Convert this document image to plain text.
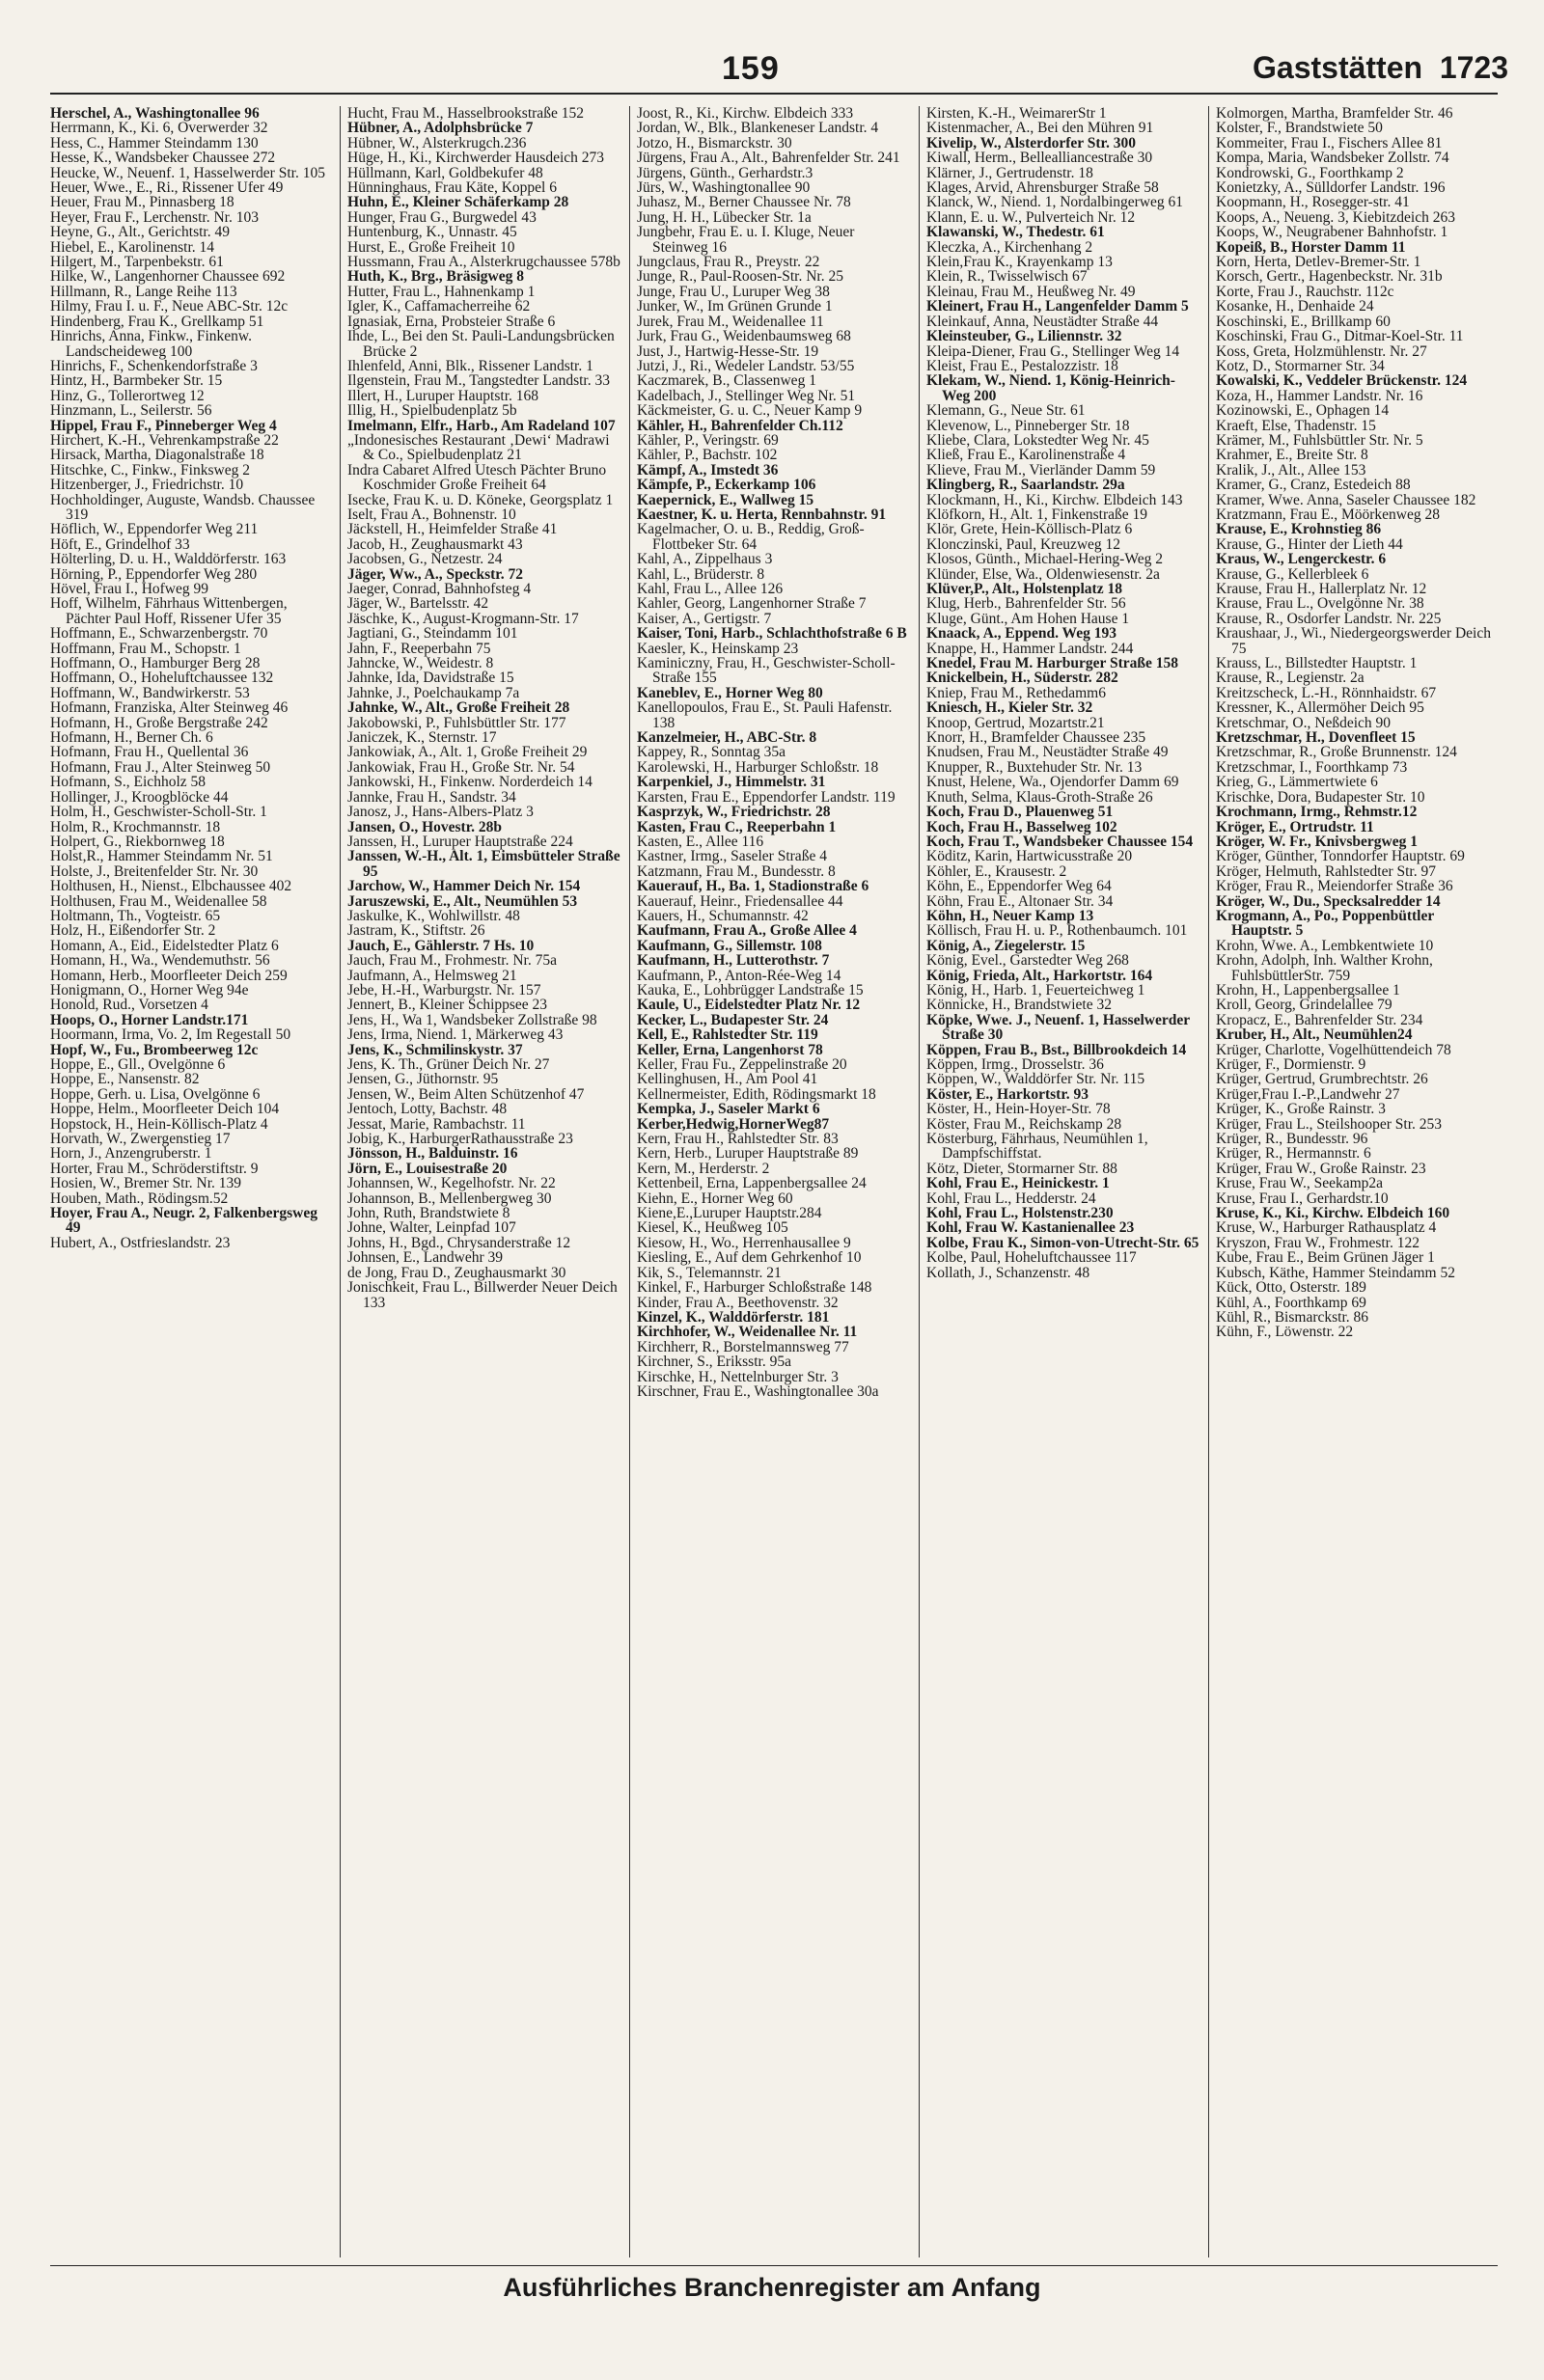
159	Gaststätten 1723
Herschel, A., Washingtonallee 96
Herrmann, K., Ki. 6, Overwerder 32
Hess, C., Hammer Steindamm 130
Hesse, K., Wandsbeker Chaussee 272
Heucke, W., Neuenf. 1, Hasselwerder Str. 105
Heuer, Wwe., E., Ri., Rissener Ufer 49
Heuer, Frau M., Pinnasberg 18
Heyer, Frau F., Lerchenstr. Nr. 103
Heyne, G., Alt., Gerichtstr. 49
Hiebel, E., Karolinenstr. 14
Hilgert, M., Tarpenbekstr. 61
Hilke, W., Langenhorner Chaussee 692
Hillmann, R., Lange Reihe 113
Hilmy, Frau I. u. F., Neue ABC-Str. 12c
Hindenberg, Frau K., Grellkamp 51
Hinrichs, Anna, Finkw., Finkenw. Landscheideweg 100
Hinrichs, F., Schenkendorfstraße 3
Hintz, H., Barmbeker Str. 15
Hinz, G., Tollerortweg 12
Hinzmann, L., Seilerstr. 56
Hippel, Frau F., Pinneberger Weg 4
Hirchert, K.-H., Vehrenkampstraße 22
Hirsack, Martha, Diagonalstraße 18
Hitschke, C., Finkw., Finkswеg 2
Hitzenberger, J., Friedrichstr. 10
Hochholdinger, Auguste, Wandsb. Chaussee 319
Höflich, W., Eppendorfer Weg 211
Höft, E., Grindelhof 33
Hölterling, D. u. H., Walddörferstr. 163
Hörning, P., Eppendorfer Weg 280
Hövel, Frau I., Hofweg 99
Hoff, Wilhelm, Fährhaus Wittenbergen, Pächter Paul Hoff, Rissener Ufer 35
Hoffmann, E., Schwarzenbergstr. 70
Hoffmann, Frau M., Schopstr. 1
Hoffmann, O., Hamburger Berg 28
Hoffmann, O., Hoheluftchaussee 132
Hoffmann, W., Bandwirkerstr. 53
Hofmann, Franziska, Alter Steinweg 46
Hofmann, H., Große Bergstraße 242
Hofmann, H., Berner Ch. 6
Hofmann, Frau H., Quellental 36
Hofmann, Frau J., Alter Steinweg 50
Hofmann, S., Eichholz 58
Hollinger, J., Kroogblöcke 44
Holm, H., Geschwister-Scholl-Str. 1
Holm, R., Krochmannstr. 18
Holpert, G., Riekbornweg 18
Holst,R., Hammer Steindamm Nr. 51
Holste, J., Breitenfelder Str. Nr. 30
Holthusen, H., Nienst., Elbchaussee 402
Holthusen, Frau M., Weidenallee 58
Holtmann, Th., Vogteistr. 65
Holz, H., Eißendorfer Str. 2
Homann, A., Eid., Eidelstedter Platz 6
Homann, H., Wa., Wendemuthstr. 56
Homann, Herb., Moorfleeter Deich 259
Honigmann, O., Horner Weg 94e
Honold, Rud., Vorsetzen 4
Hoops, O., Horner Landstr.171
Hoormann, Irma, Vo. 2, Im Regestall 50
Hopf, W., Fu., Brombeerweg 12c
Hoppe, E., Gll., Ovelgönne 6
Hoppe, E., Nansenstr. 82
Hoppe, Gerh. u. Lisa, Ovelgönne 6
Hoppe, Helm., Moorfleeter Deich 104
Hopstock, H., Hein-Köllisch-Platz 4
Horvath, W., Zwergenstieg 17
Horn, J., Anzengruberstr. 1
Horter, Frau M., Schröderstiftstr. 9
Hosien, W., Bremer Str. Nr. 139
Houben, Math., Rödingsm.52
Hoyer, Frau A., Neugr. 2, Falkenbergsweg 49
Hubert, A., Ostfrieslandstr. 23
Hucht, Frau M., Hasselbrookstraße 152
Hübner, A., Adolphsbrücke 7
Hübner, W., Alsterkrugch.236
Hüge, H., Ki., Kirchwerder Hausdeich 273
Hüllmann, Karl, Goldbekufer 48
Hünninghaus, Frau Käte, Koppel 6
Huhn, E., Kleiner Schäferkamp 28
Hunger, Frau G., Burgwedel 43
Huntenburg, K., Unnastr. 45
Hurst, E., Große Freiheit 10
Hussmann, Frau A., Alsterkrugchaussee 578b
Huth, K., Brg., Bräsigweg 8
Hutter, Frau L., Hahnenkamp 1
Igler, K., Caffamacherreihe 62
Ignasiak, Erna, Probsteier Straße 6
Ihde, L., Bei den St. Pauli-Landungsbrücken Brücke 2
Ihlenfeld, Anni, Blk., Rissener Landstr. 1
Ilgenstein, Frau M., Tangstedter Landstr. 33
Illert, H., Luruper Hauptstr. 168
Illig, H., Spielbudenplatz 5b
Imelmann, Elfr., Harb., Am Radeland 107
„Indonesisches Restaurant ‚Dewi‘ Madrawi & Co., Spielbudenplatz 21
Indra Cabaret Alfred Utesch Pächter Bruno Koschmider Große Freiheit 64
Isecke, Frau K. u. D. Köneke, Georgsplatz 1
Iselt, Frau A., Bohnenstr. 10
Jäckstell, H., Heimfelder Straße 41
Jacob, H., Zeughausmarkt 43
Jacobsen, G., Netzestr. 24
Jäger, Ww., A., Speckstr. 72
Jaeger, Conrad, Bahnhofsteg 4
Jäger, W., Bartelsstr. 42
Jäschke, K., August-Krogmann-Str. 17
Jagtiani, G., Steindamm 101
Jahn, F., Reeperbahn 75
Jahncke, W., Weidestr. 8
Jahnke, Ida, Davidstraße 15
Jahnke, J., Poelchaukamp 7a
Jahnke, W., Alt., Große Freiheit 28
Jakobowski, P., Fuhlsbüttler Str. 177
Janiczek, K., Sternstr. 17
Jankowiak, A., Alt. 1, Große Freiheit 29
Jankowiak, Frau H., Große Str. Nr. 54
Jankowski, H., Finkenw. Norderdeich 14
Jannke, Frau H., Sandstr. 34
Janosz, J., Hans-Albers-Platz 3
Jansen, O., Hovestr. 28b
Janssen, H., Luruper Hauptstraße 224
Janssen, W.-H., Alt. 1, Eimsbütteler Straße 95
Jarchow, W., Hammer Deich Nr. 154
Jaruszewski, E., Alt., Neumühlen 53
Jaskulke, K., Wohlwillstr. 48
Jastram, K., Stiftstr. 26
Jauch, E., Gählerstr. 7 Hs. 10
Jauch, Frau M., Frohmestr. Nr. 75a
Jaufmann, A., Helmsweg 21
Jebe, H.-H., Warburgstr. Nr. 157
Jennert, B., Kleiner Schippsee 23
Jens, H., Wa 1, Wandsbeker Zollstraße 98
Jens, Irma, Niend. 1, Märkerweg 43
Jens, K., Schmilinskystr. 37
Jens, K. Th., Grüner Deich Nr. 27
Jensen, G., Jüthornstr. 95
Jensen, W., Beim Alten Schützenhof 47
Jentoch, Lotty, Bachstr. 48
Jessat, Marie, Rambachstr. 11
Jobig, K., HarburgerRathausstraße 23
Jönsson, H., Balduinstr. 16
Jörn, E., Louisestraße 20
Johannsen, W., Kegelhofstr. Nr. 22
Johannson, B., Mellenbergweg 30
John, Ruth, Brandstwiete 8
Johne, Walter, Leinpfad 107
Johns, H., Bgd., Chrysanderstraße 12
Johnsen, E., Landwehr 39
de Jong, Frau D., Zeughausmarkt 30
Jonischkeit, Frau L., Billwerder Neuer Deich 133
Joost, R., Ki., Kirchw. Elbdeich 333
Jordan, W., Blk., Blankeneser Landstr. 4
Jotzo, H., Bismarckstr. 30
Jürgens, Frau A., Alt., Bahrenfelder Str. 241
Jürgens, Günth., Gerhardstr.3
Jürs, W., Washingtonallee 90
Juhasz, M., Berner Chaussee Nr. 78
Jung, H. H., Lübecker Str. 1a
Jungbehr, Frau E. u. I. Kluge, Neuer Steinweg 16
Jungclaus, Frau R., Preystr. 22
Junge, R., Paul-Roosen-Str. Nr. 25
Junge, Frau U., Luruper Weg 38
Junker, W., Im Grünen Grunde 1
Jurek, Frau M., Weidenallee 11
Jurk, Frau G., Weidenbaumsweg 68
Just, J., Hartwig-Hesse-Str. 19
Jutzi, J., Ri., Wedeler Landstr. 53/55
Kaczmarek, B., Classenweg 1
Kadelbach, J., Stellinger Weg Nr. 51
Käckmeister, G. u. C., Neuer Kamp 9
Kähler, H., Bahrenfelder Ch.112
Kähler, P., Veringstr. 69
Kähler, P., Bachstr. 102
Kämpf, A., Imstedt 36
Kämpfe, P., Eckerkamp 106
Kaepernick, E., Wallweg 15
Kaestner, K. u. Herta, Rennbahnstr. 91
Kagelmacher, O. u. B., Reddig, Groß-Flottbeker Str. 64
Kahl, A., Zippelhaus 3
Kahl, L., Brüderstr. 8
Kahl, Frau L., Allee 126
Kahler, Georg, Langenhorner Straße 7
Kaiser, A., Gertigstr. 7
Kaiser, Toni, Harb., Schlachthofstraße 6 B
Kaesler, K., Heinskamp 23
Kaminiczny, Frau, H., Geschwister-Scholl-Straße 155
Kaneblev, E., Horner Weg 80
Kanellopoulos, Frau E., St. Pauli Hafenstr. 138
Kanzelmeier, H., ABC-Str. 8
Kappey, R., Sonntag 35a
Karolewski, H., Harburger Schloßstr. 18
Karpenkiel, J., Himmelstr. 31
Karsten, Frau E., Eppendorfer Landstr. 119
Kasprzyk, W., Friedrichstr. 28
Kasten, Frau C., Reeperbahn 1
Kasten, E., Allee 116
Kastner, Irmg., Saseler Straße 4
Katzmann, Frau M., Bundesstr. 8
Kauerauf, H., Ba. 1, Stadionstraße 6
Kauerauf, Heinr., Friedensallee 44
Kauers, H., Schumannstr. 42
Kaufmann, Frau A., Große Allee 4
Kaufmann, G., Sillemstr. 108
Kaufmann, H., Lutterothstr. 7
Kaufmann, P., Anton-Rée-Weg 14
Kauka, E., Lohbrügger Landstraße 15
Kaule, U., Eidelstedter Platz Nr. 12
Kecker, L., Budapester Str. 24
Kell, E., Rahlstedter Str. 119
Keller, Erna, Langenhorst 78
Keller, Frau Fu., Zeppelinstraße 20
Kellinghusen, H., Am Pool 41
Kellnermeister, Edith, Rödingsmarkt 18
Kempka, J., Saseler Markt 6
Kerber,Hedwig,HornerWeg87
Kern, Frau H., Rahlstedter Str. 83
Kern, Herb., Luruper Hauptstraße 89
Kern, M., Herderstr. 2
Kettenbeil, Erna, Lappenbergsallee 24
Kiehn, E., Horner Weg 60
Kiene,E.,Luruper Hauptstr.284
Kiesel, K., Heußweg 105
Kiesow, H., Wo., Herrenhausallee 9
Kiesling, E., Auf dem Gehrkenhof 10
Kik, S., Telemannstr. 21
Kinkel, F., Harburger Schloßstraße 148
Kinder, Frau A., Beethovenstr. 32
Kinzel, K., Walddörferstr. 181
Kirchhofer, W., Weidenallee Nr. 11
Kirchherr, R., Borstelmannsweg 77
Kirchner, S., Eriksstr. 95a
Kirschke, H., Nettelnburger Str. 3
Kirschner, Frau E., Washingtonallee 30a
Kirsten, K.-H., WeimarerStr 1
Kistenmacher, A., Bei den Mühren 91
Kivelip, W., Alsterdorfer Str. 300
Kiwall, Herm., Bellealliancestraße 30
Klärner, J., Gertrudenstr. 18
Klages, Arvid, Ahrensburger Straße 58
Klanck, W., Niend. 1, Nordalbingerweg 61
Klann, E. u. W., Pulverteich Nr. 12
Klawanski, W., Thedestr. 61
Kleczka, A., Kirchenhang 2
Klein,Frau K., Krayenkamp 13
Klein, R., Twisselwisch 67
Kleinau, Frau M., Heußweg Nr. 49
Kleinert, Frau H., Langenfelder Damm 5
Kleinkauf, Anna, Neustädter Straße 44
Kleinsteuber, G., Liliennstr. 32
Kleipa-Diener, Frau G., Stellinger Weg 14
Kleist, Frau E., Pestalozzistr. 18
Klekam, W., Niend. 1, König-Heinrich-Weg 200
Klemann, G., Neue Str. 61
Klevenow, L., Pinneberger Str. 18
Kliebe, Clara, Lokstedter Weg Nr. 45
Kließ, Frau E., Karolinenstraße 4
Klieve, Frau M., Vierländer Damm 59
Klingberg, R., Saarlandstr. 29a
Klockmann, H., Ki., Kirchw. Elbdeich 143
Klöfkorn, H., Alt. 1, Finkenstraße 19
Klör, Grete, Hein-Köllisch-Platz 6
Klonczinski, Paul, Kreuzweg 12
Klosos, Günth., Michael-Hering-Weg 2
Klünder, Else, Wa., Oldenwiesenstr. 2a
Klüver,P., Alt., Holstenplatz 18
Klug, Herb., Bahrenfelder Str. 56
Kluge, Günt., Am Hohen Hause 1
Knaack, A., Eppend. Weg 193
Knappe, H., Hammer Landstr. 244
Knedel, Frau M. Harburger Straße 158
Knickelbein, H., Süderstr. 282
Kniep, Frau M., Rethedamm6
Kniesch, H., Kieler Str. 32
Knoop, Gertrud, Mozartstr.21
Knorr, H., Bramfelder Chaussee 235
Knudsen, Frau M., Neustädter Straße 49
Knupper, R., Buxtehuder Str. Nr. 13
Knust, Helene, Wa., Ojendorfer Damm 69
Knuth, Selma, Klaus-Groth-Straße 26
Koch, Frau D., Plauenweg 51
Koch, Frau H., Basselweg 102
Koch, Frau T., Wandsbeker Chaussee 154
Köditz, Karin, Hartwicusstraße 20
Köhler, E., Krausestr. 2
Köhn, E., Eppendorfer Weg 64
Köhn, Frau E., Altonaer Str. 34
Köhn, H., Neuer Kamp 13
Köllisch, Frau H. u. P., Rothenbaumch. 101
König, A., Ziegelerstr. 15
König, Evel., Garstedter Weg 268
König, Frieda, Alt., Harkortstr. 164
König, H., Harb. 1, Feuerteichweg 1
Könnicke, H., Brandstwiete 32
Köpke, Wwe. J., Neuenf. 1, Hasselwerder Straße 30
Köppen, Frau B., Bst., Billbrookdeich 14
Köppen, Irmg., Drosselstr. 36
Köppen, W., Walddörfer Str. Nr. 115
Köster, E., Harkortstr. 93
Köster, H., Hein-Hoyer-Str. 78
Köster, Frau M., Reichskamp 28
Kösterburg, Fährhaus, Neumühlen 1, Dampfschiffstat.
Kötz, Dieter, Stormarner Str. 88
Kohl, Frau E., Heinickestr. 1
Kohl, Frau L., Hedderstr. 24
Kohl, Frau L., Holstenstr.230
Kohl, Frau W. Kastanienallee 23
Kolbe, Frau K., Simon-von-Utrecht-Str. 65
Kolbe, Paul, Hoheluftchaussee 117
Kollath, J., Schanzenstr. 48
Kolmorgen, Martha, Bramfelder Str. 46
Kolster, F., Brandstwiete 50
Kommeiter, Frau I., Fischers Allee 81
Kompa, Maria, Wandsbeker Zollstr. 74
Kondrowski, G., Foorthkamp 2
Konietzky, A., Sülldorfer Landstr. 196
Koopmann, H., Rosegger-str. 41
Koops, A., Neueng. 3, Kiebitzdeich 263
Koops, W., Neugrabener Bahnhofstr. 1
Kopeiß, B., Horster Damm 11
Korn, Herta, Detlev-Bremer-Str. 1
Korsch, Gertr., Hagenbeckstr. Nr. 31b
Korte, Frau J., Rauchstr. 112c
Kosanke, H., Denhaide 24
Koschinski, E., Brillkamp 60
Koschinski, Frau G., Ditmar-Koel-Str. 11
Koss, Greta, Holzmühlenstr. Nr. 27
Kotz, D., Stormarner Str. 34
Kowalski, K., Veddeler Brückenstr. 124
Koza, H., Hammer Landstr. Nr. 16
Kozinowski, E., Ophagen 14
Kraeft, Else, Thadenstr. 15
Krämer, M., Fuhlsbüttler Str. Nr. 5
Krahmer, E., Breite Str. 8
Kralik, J., Alt., Allee 153
Kramer, G., Cranz, Estedeich 88
Kramer, Wwe. Anna, Saseler Chaussee 182
Kratzmann, Frau E., Möörkenweg 28
Krause, E., Krohnstieg 86
Krause, G., Hinter der Lieth 44
Kraus, W., Lengerckestr. 6
Krause, G., Kellerbleek 6
Krause, Frau H., Hallerplatz Nr. 12
Krause, Frau L., Ovelgönne Nr. 38
Krause, R., Osdorfer Landstr. Nr. 225
Kraushaar, J., Wi., Niedergeorgswerder Deich 75
Krauss, L., Billstedter Hauptstr. 1
Krause, R., Legienstr. 2a
Kreitzscheck, L.-H., Rönnhaidstr. 67
Kressner, K., Allermöher Deich 95
Kretschmar, O., Neßdeich 90
Kretzschmar, H., Dovenfleet 15
Kretzschmar, R., Große Brunnenstr. 124
Kretzschmar, I., Foorthkamp 73
Krieg, G., Lämmertwiete 6
Krischke, Dora, Budapester Str. 10
Krochmann, Irmg., Rehmstr.12
Kröger, E., Ortrudstr. 11
Kröger, W. Fr., Knivsbergweg 1
Kröger, Günther, Tonndorfer Hauptstr. 69
Kröger, Helmuth, Rahlstedter Str. 97
Kröger, Frau R., Meiendorfer Straße 36
Kröger, W., Du., Specksalredder 14
Krogmann, A., Po., Poppenbüttler Hauptstr. 5
Krohn, Wwe. A., Lembkentwiete 10
Krohn, Adolph, Inh. Walther Krohn, FuhlsbüttlerStr. 759
Krohn, H., Lappenbergsallee 1
Kroll, Georg, Grindelallee 79
Kropacz, E., Bahrenfelder Str. 234
Kruber, H., Alt., Neumühlen24
Krüger, Charlotte, Vogelhüttendeich 78
Krüger, F., Dormienstr. 9
Krüger, Gertrud, Grumbrechtstr. 26
Krüger,Frau I.-P.,Landwehr 27
Krüger, K., Große Rainstr. 3
Krüger, Frau L., Steilshooper Str. 253
Krüger, R., Bundesstr. 96
Krüger, R., Hermannstr. 6
Krüger, Frau W., Große Rainstr. 23
Kruse, Frau W., Seekamp2a
Kruse, Frau I., Gerhardstr.10
Kruse, K., Ki., Kirchw. Elbdeich 160
Kruse, W., Harburger Rathausplatz 4
Kryszon, Frau W., Frohmestr. 122
Kube, Frau E., Beim Grünen Jäger 1
Kubsch, Käthe, Hammer Steindamm 52
Kück, Otto, Osterstr. 189
Kühl, A., Foorthkamp 69
Kühl, R., Bismarckstr. 86
Kühn, F., Löwenstr. 22
Ausführliches Branchenregister am Anfang
